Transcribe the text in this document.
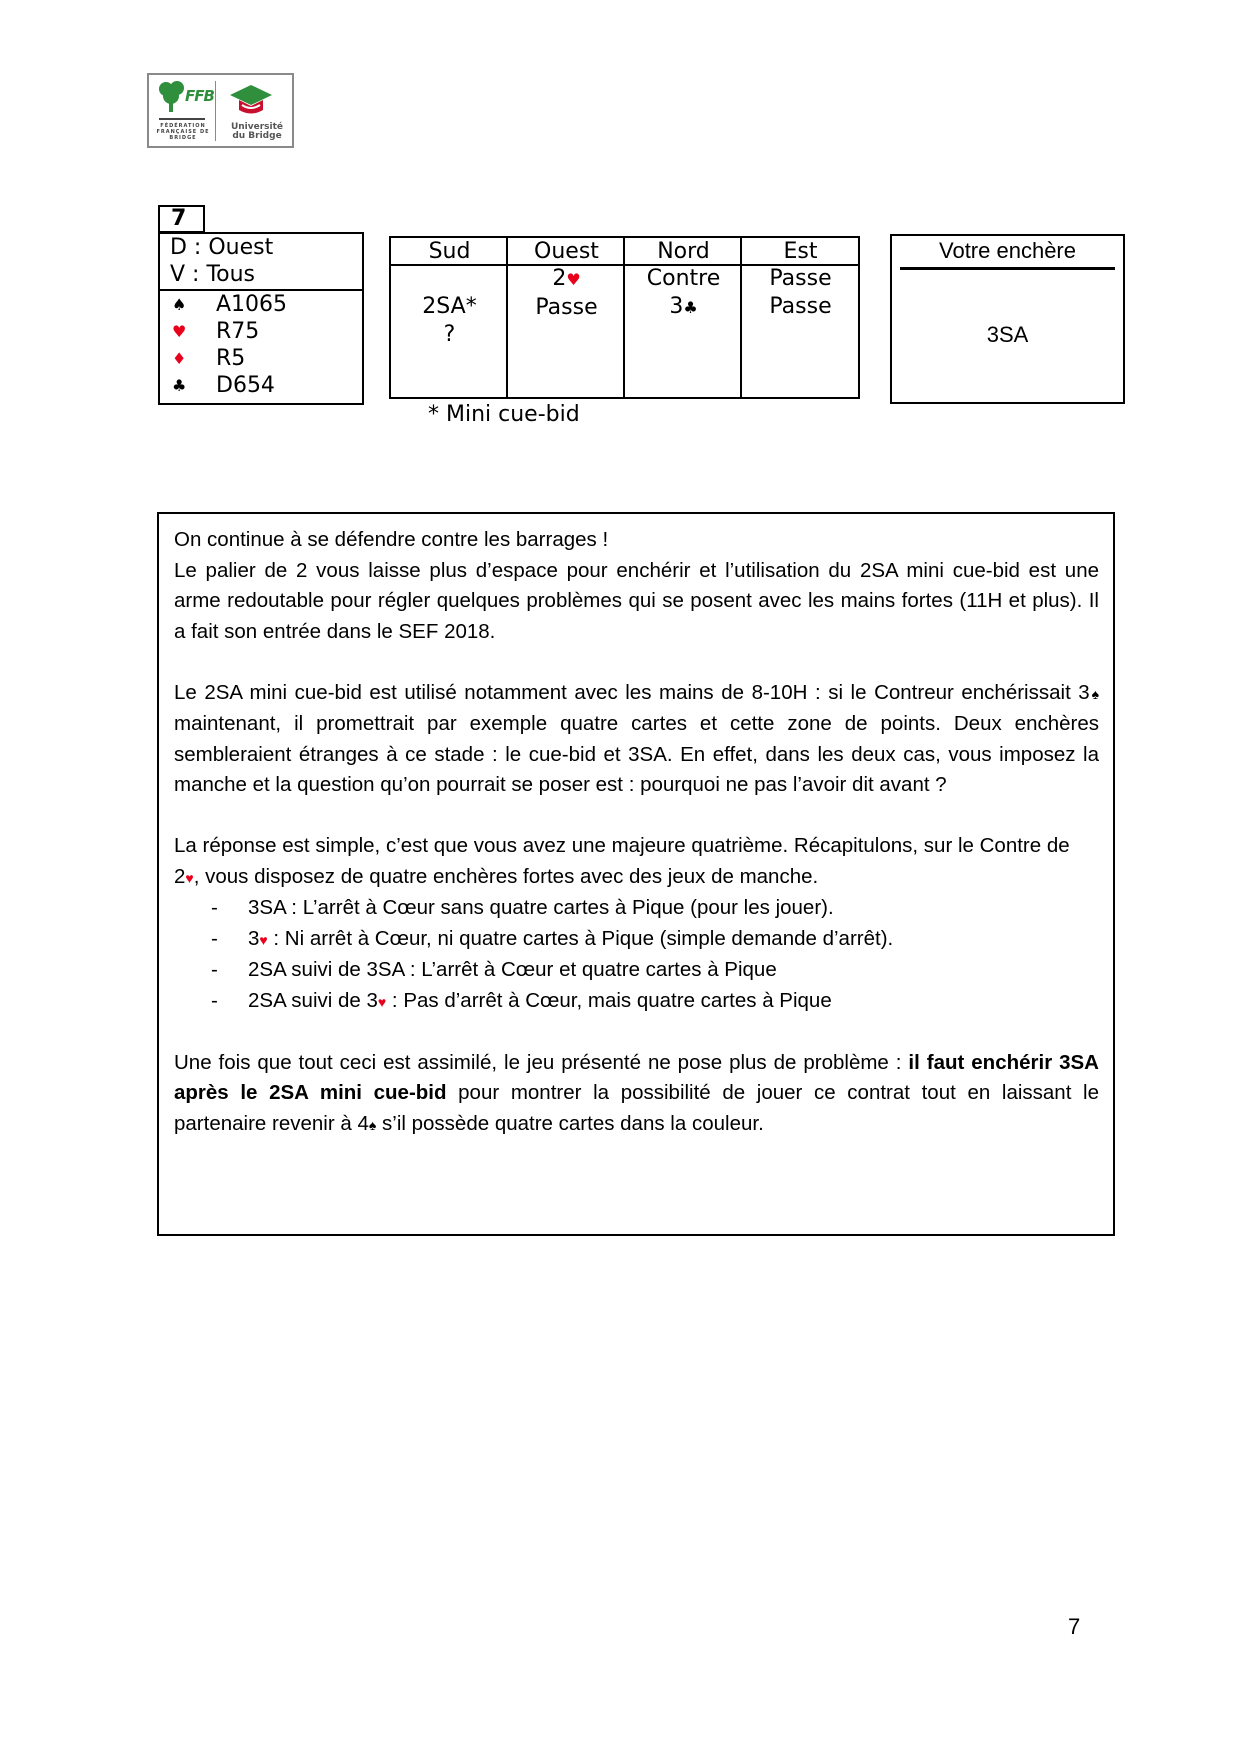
FFB
FÉDÉRATION FRANÇAISE DE BRIDGE
Université
du Bridge
7
D : Ouest
V : Tous
♠ A1065
♥ R75
♦ R5
♣ D654
Sud

2SA*
?
Ouest
2♥
Passe
Nord
Contre
3♣
Est
Passe
Passe
* Mini cue-bid
Votre enchère
3SA

On continue à se défendre contre les barrages !

Le palier de 2 vous laisse plus d’espace pour enchérir et l’utilisation du 2SA mini cue-bid est une arme redoutable pour régler quelques problèmes qui se posent avec les mains fortes (11H et plus). Il a fait son entrée dans le SEF 2018.

Le 2SA mini cue-bid est utilisé notamment avec les mains de 8-10H : si le Contreur enchérissait 3♠ maintenant, il promettrait par exemple quatre cartes et cette zone de points. Deux enchères sembleraient étranges à ce stade : le cue-bid et 3SA. En effet, dans les deux cas, vous imposez la manche et la question qu’on pourrait se poser est : pourquoi ne pas l’avoir dit avant ?

La réponse est simple, c’est que vous avez une majeure quatrième. Récapitulons, sur le Contre de 2♥, vous disposez de quatre enchères fortes avec des jeux de manche.

- 3SA : L’arrêt à Cœur sans quatre cartes à Pique (pour les jouer).
- 3♥ : Ni arrêt à Cœur, ni quatre cartes à Pique (simple demande d’arrêt).
- 2SA suivi de 3SA : L’arrêt à Cœur et quatre cartes à Pique
- 2SA suivi de 3♥ : Pas d’arrêt à Cœur, mais quatre cartes à Pique

Une fois que tout ceci est assimilé, le jeu présenté ne pose plus de problème : il faut enchérir 3SA après le 2SA mini cue-bid pour montrer la possibilité de jouer ce contrat tout en laissant le partenaire revenir à 4♠ s’il possède quatre cartes dans la couleur.

7
